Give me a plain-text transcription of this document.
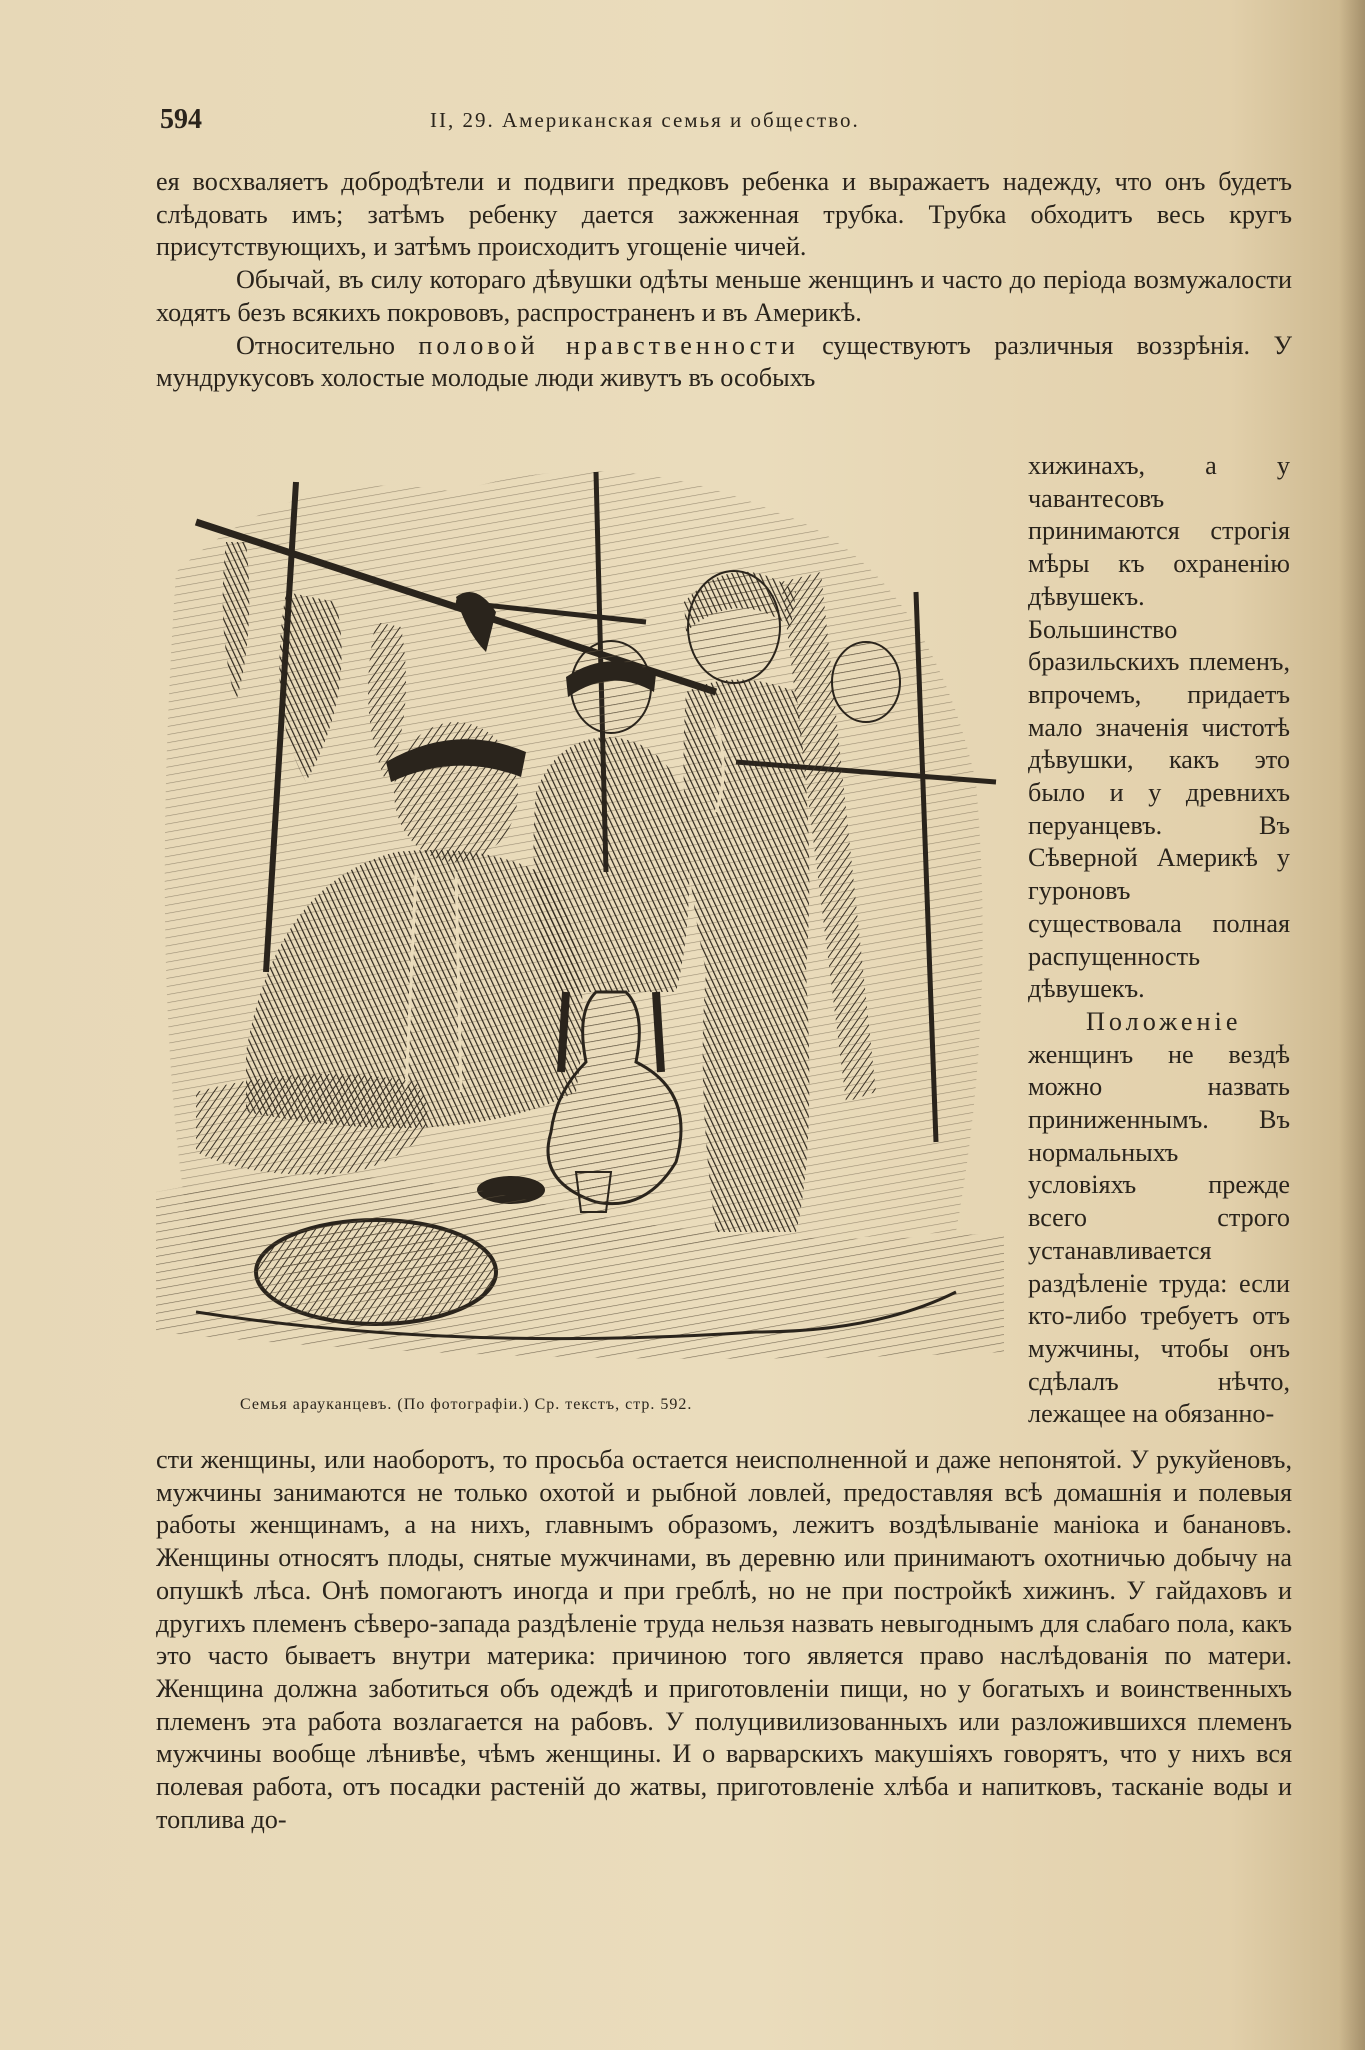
594	II, 29. Американская семья и общество.

ея восхваляетъ добродѣтели и подвиги предковъ ребенка и выражаетъ надежду, что онъ будетъ слѣдовать имъ; затѣмъ ребенку дается зажженная трубка. Трубка обходитъ весь кругъ присутствующихъ, и затѣмъ происходитъ угощеніе чичей.

Обычай, въ силу котораго дѣвушки одѣты меньше женщинъ и часто до періода возмужалости ходятъ безъ всякихъ покрововъ, распространенъ и въ Америкѣ.

Относительно половой нравственности существуютъ различныя воззрѣнія. У мундрукусовъ холостые молодые люди живутъ въ особыхъ

Семья арауканцевъ. (По фотографіи.) Ср. текстъ, стр. 592.

хижинахъ, а у чавантесовъ принимаются строгія мѣры къ охраненію дѣвушекъ. Большинство бразильскихъ племенъ, впрочемъ, придаетъ мало значенія чистотѣ дѣвушки, какъ это было и у древнихъ перуанцевъ. Въ Сѣверной Америкѣ у гуроновъ существовала полная распущенность дѣвушекъ.

Положеніе женщинъ не вездѣ можно назвать приниженнымъ. Въ нормальныхъ условіяхъ прежде всего строго устанавливается раздѣленіе труда: если кто-либо требуетъ отъ мужчины, чтобы онъ сдѣлалъ нѣчто, лежащее на обязанно-

сти женщины, или наоборотъ, то просьба остается неисполненной и даже непонятой. У рукуйеновъ, мужчины занимаются не только охотой и рыбной ловлей, предоставляя всѣ домашнія и полевыя работы женщинамъ, а на нихъ, главнымъ образомъ, лежитъ воздѣлываніе маніока и банановъ. Женщины относятъ плоды, снятые мужчинами, въ деревню или принимаютъ охотничью добычу на опушкѣ лѣса. Онѣ помогаютъ иногда и при греблѣ, но не при постройкѣ хижинъ. У гайдаховъ и другихъ племенъ сѣверо-запада раздѣленіе труда нельзя назвать невыгоднымъ для слабаго пола, какъ это часто бываетъ внутри материка: причиною того является право наслѣдованія по матери. Женщина должна заботиться объ одеждѣ и приготовленіи пищи, но у богатыхъ и воинственныхъ племенъ эта работа возлагается на рабовъ. У полуцивилизованныхъ или разложившихся племенъ мужчины вообще лѣнивѣе, чѣмъ женщины. И о варварскихъ макушіяхъ говорятъ, что у нихъ вся полевая работа, отъ посадки растеній до жатвы, приготовленіе хлѣба и напитковъ, тасканіе воды и топлива до-
